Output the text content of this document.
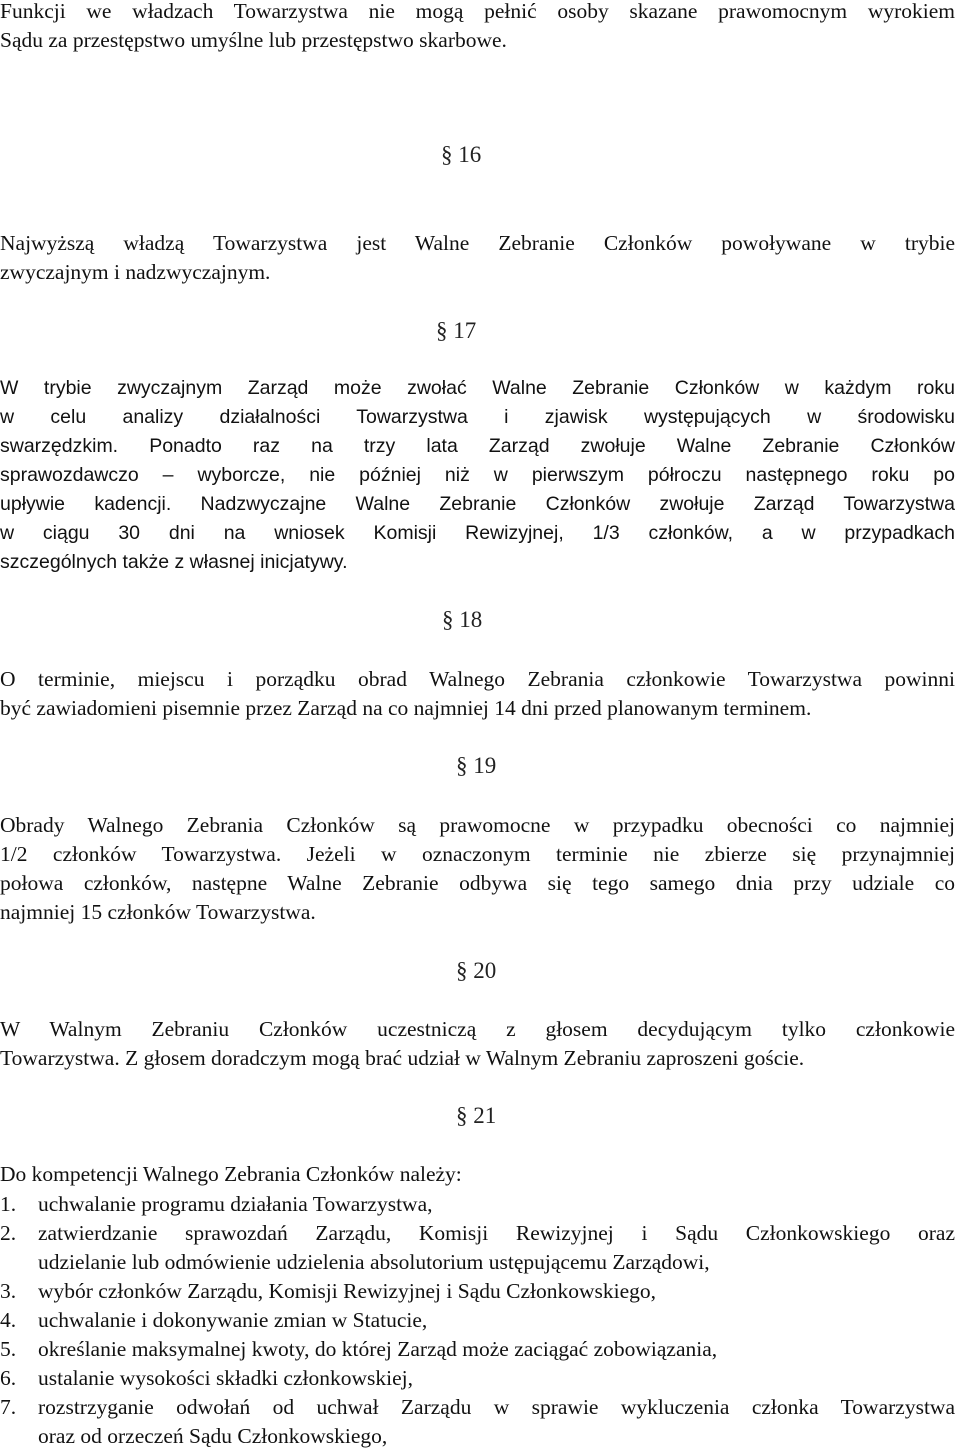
Funkcji we władzach Towarzystwa nie mogą pełnić osoby skazane prawomocnym wyrokiem
Sądu za przestępstwo umyślne lub przestępstwo skarbowe.
§ 16
Najwyższą władzą Towarzystwa jest Walne Zebranie Członków powoływane w trybie
zwyczajnym i nadzwyczajnym.
§ 17
W trybie zwyczajnym Zarząd może zwołać Walne Zebranie Członków w każdym roku
w celu analizy działalności Towarzystwa i zjawisk występujących w środowisku
swarzędzkim. Ponadto raz na trzy lata Zarząd zwołuje Walne Zebranie Członków
sprawozdawczo – wyborcze, nie później niż w pierwszym półroczu następnego roku po
upływie kadencji. Nadzwyczajne Walne Zebranie Członków zwołuje Zarząd Towarzystwa
w ciągu 30 dni na wniosek Komisji Rewizyjnej, 1/3 członków, a w przypadkach
szczególnych także z własnej inicjatywy.
§ 18
O terminie, miejscu i porządku obrad Walnego Zebrania członkowie Towarzystwa powinni
być zawiadomieni pisemnie przez Zarząd na co najmniej 14 dni przed planowanym terminem.
§ 19
Obrady Walnego Zebrania Członków są prawomocne w przypadku obecności co najmniej
1/2 członków Towarzystwa. Jeżeli w oznaczonym terminie nie zbierze się przynajmniej
połowa członków, następne Walne Zebranie odbywa się tego samego dnia przy udziale co
najmniej 15 członków Towarzystwa.
§ 20
W Walnym Zebraniu Członków uczestniczą z głosem decydującym tylko członkowie
Towarzystwa. Z głosem doradczym mogą brać udział w Walnym Zebraniu zaproszeni goście.
§ 21
Do kompetencji Walnego Zebrania Członków należy:
1. uchwalanie programu działania Towarzystwa,
2. zatwierdzanie sprawozdań Zarządu, Komisji Rewizyjnej i Sądu Członkowskiego oraz
udzielanie lub odmówienie udzielenia absolutorium ustępującemu Zarządowi,
3. wybór członków Zarządu, Komisji Rewizyjnej i Sądu Członkowskiego,
4. uchwalanie i dokonywanie zmian w Statucie,
5. określanie maksymalnej kwoty, do której Zarząd może zaciągać zobowiązania,
6. ustalanie wysokości składki członkowskiej,
7. rozstrzyganie odwołań od uchwał Zarządu w sprawie wykluczenia członka Towarzystwa
oraz od orzeczeń Sądu Członkowskiego,
